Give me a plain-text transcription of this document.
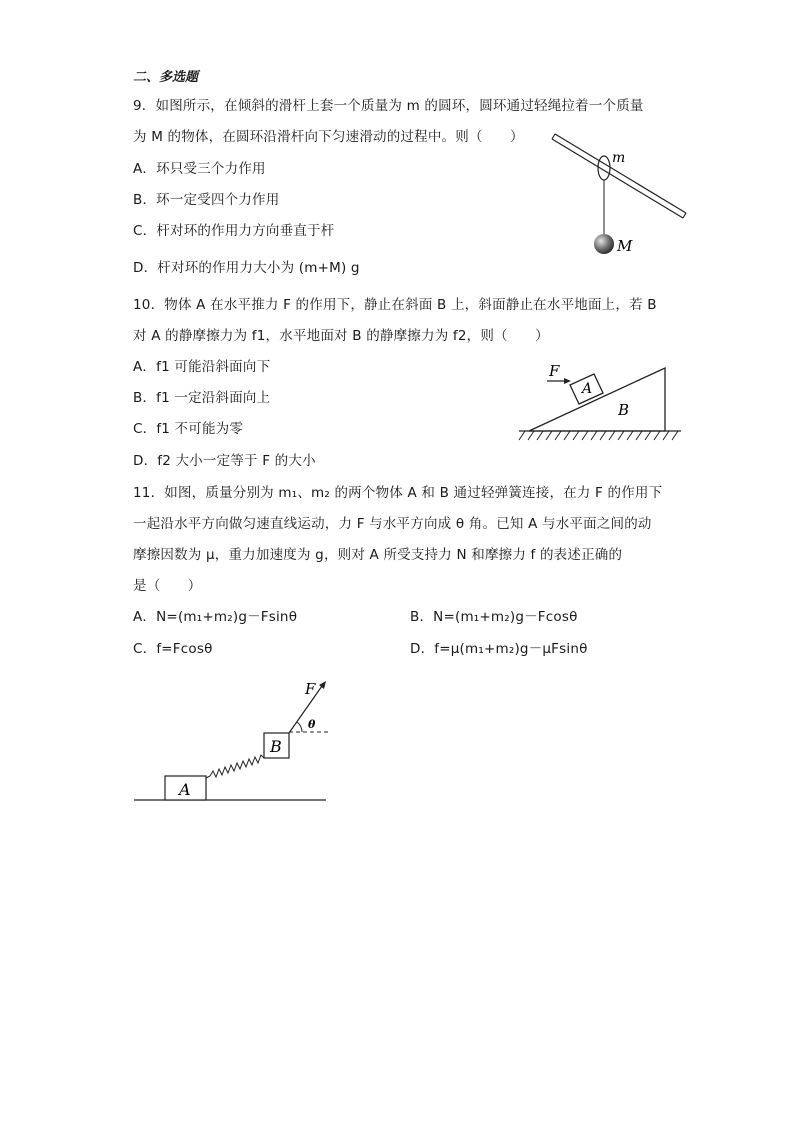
二、多选题
9．如图所示，在倾斜的滑杆上套一个质量为 m 的圆环，圆环通过轻绳拉着一个质量
为 M 的物体，在圆环沿滑杆向下匀速滑动的过程中。则（　　）
A．环只受三个力作用
B．环一定受四个力作用
C．杆对环的作用力方向垂直于杆
D．杆对环的作用力大小为 (m+M) g
m
M
10．物体 A 在水平推力 F 的作用下，静止在斜面 B 上，斜面静止在水平地面上，若 B
对 A 的静摩擦力为 f1，水平地面对 B 的静摩擦力为 f2，则（　　）
A．f1 可能沿斜面向下
B．f1 一定沿斜面向上
C．f1 不可能为零
D．f2 大小一定等于 F 的大小
F
A
B
11．如图，质量分别为 m₁、m₂ 的两个物体 A 和 B 通过轻弹簧连接，在力 F 的作用下
一起沿水平方向做匀速直线运动，力 F 与水平方向成 θ 角。已知 A 与水平面之间的动
摩擦因数为 μ，重力加速度为 g，则对 A 所受支持力 N 和摩擦力 f 的表述正确的
是（　　）
A．N=(m₁+m₂)g－Fsinθ	B．N=(m₁+m₂)g－Fcosθ
C．f=Fcosθ	D．f=μ(m₁+m₂)g－μFsinθ
F
θ
A
B
